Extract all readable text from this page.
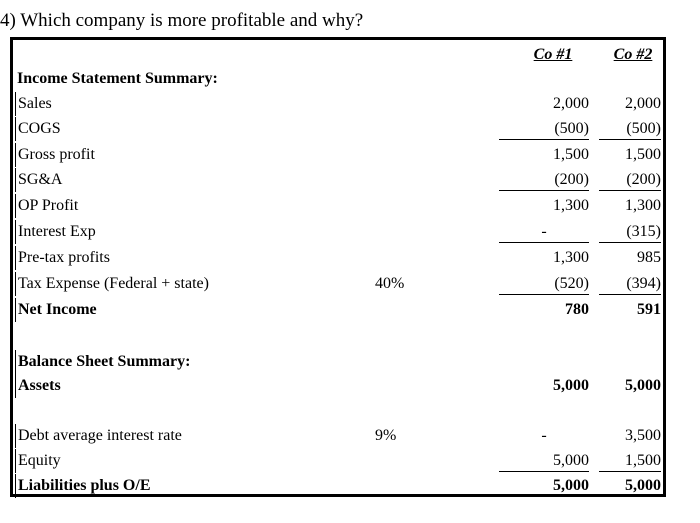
4) Which company is more profitable and why?
Co #1	Co #2
Income Statement Summary:
Sales	2,000	2,000
COGS	(500)	(500)
Gross profit	1,500	1,500
SG&A	(200)	(200)
OP Profit	1,300	1,300
Interest Exp	-	(315)
Pre-tax profits	1,300	985
Tax Expense (Federal + state)	40%	(520)	(394)
Net Income	780	591
Balance Sheet Summary:
Assets	5,000	5,000
Debt average interest rate	9%	-	3,500
Equity	5,000	1,500
Liabilities plus O/E	5,000	5,000
